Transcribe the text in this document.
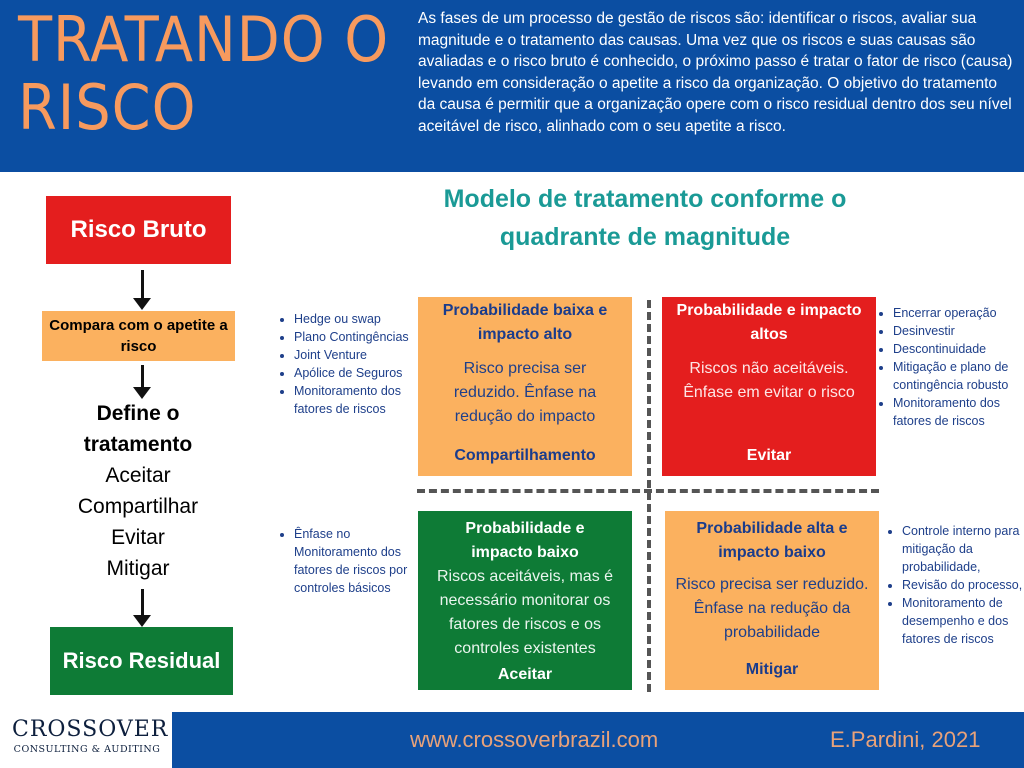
TRATANDO O RISCO
As fases de um processo de gestão de riscos são: identificar o riscos, avaliar sua magnitude e o tratamento das causas. Uma vez que os riscos e suas causas são avaliadas e o risco bruto é conhecido, o próximo passo é tratar o fator de risco (causa) levando em consideração o apetite a risco da organização. O objetivo do tratamento da causa é permitir que a organização opere com o risco residual dentro dos seu nível aceitável de risco, alinhado com o seu apetite a risco.
Risco Bruto
Compara com o apetite a risco
Define o tratamento
Aceitar
Compartilhar
Evitar
Mitigar
Risco Residual
Modelo de tratamento conforme o quadrante de magnitude
Probabilidade baixa e impacto alto
Risco precisa ser reduzido. Ênfase na redução do impacto
Compartilhamento
Probabilidade e impacto altos
Riscos não aceitáveis. Ênfase em evitar o risco
Evitar
Probabilidade e impacto baixo
Riscos aceitáveis, mas é necessário monitorar os fatores de riscos e os controles existentes
Aceitar
Probabilidade alta e impacto baixo
Risco precisa ser reduzido. Ênfase na redução da probabilidade
Mitigar
• Hedge ou swap
• Plano Contingências
• Joint Venture
• Apólice de Seguros
• Monitoramento dos fatores de riscos
• Encerrar operação
• Desinvestir
• Descontinuidade
• Mitigação e plano de contingência robusto
• Monitoramento dos fatores de riscos
• Ênfase no Monitoramento dos fatores de riscos por controles básicos
• Controle interno para mitigação da probabilidade,
• Revisão do processo,
• Monitoramento de desempenho e dos fatores de riscos
CROSSOVER
CONSULTING & AUDITING	www.crossoverbrazil.com	E.Pardini, 2021
